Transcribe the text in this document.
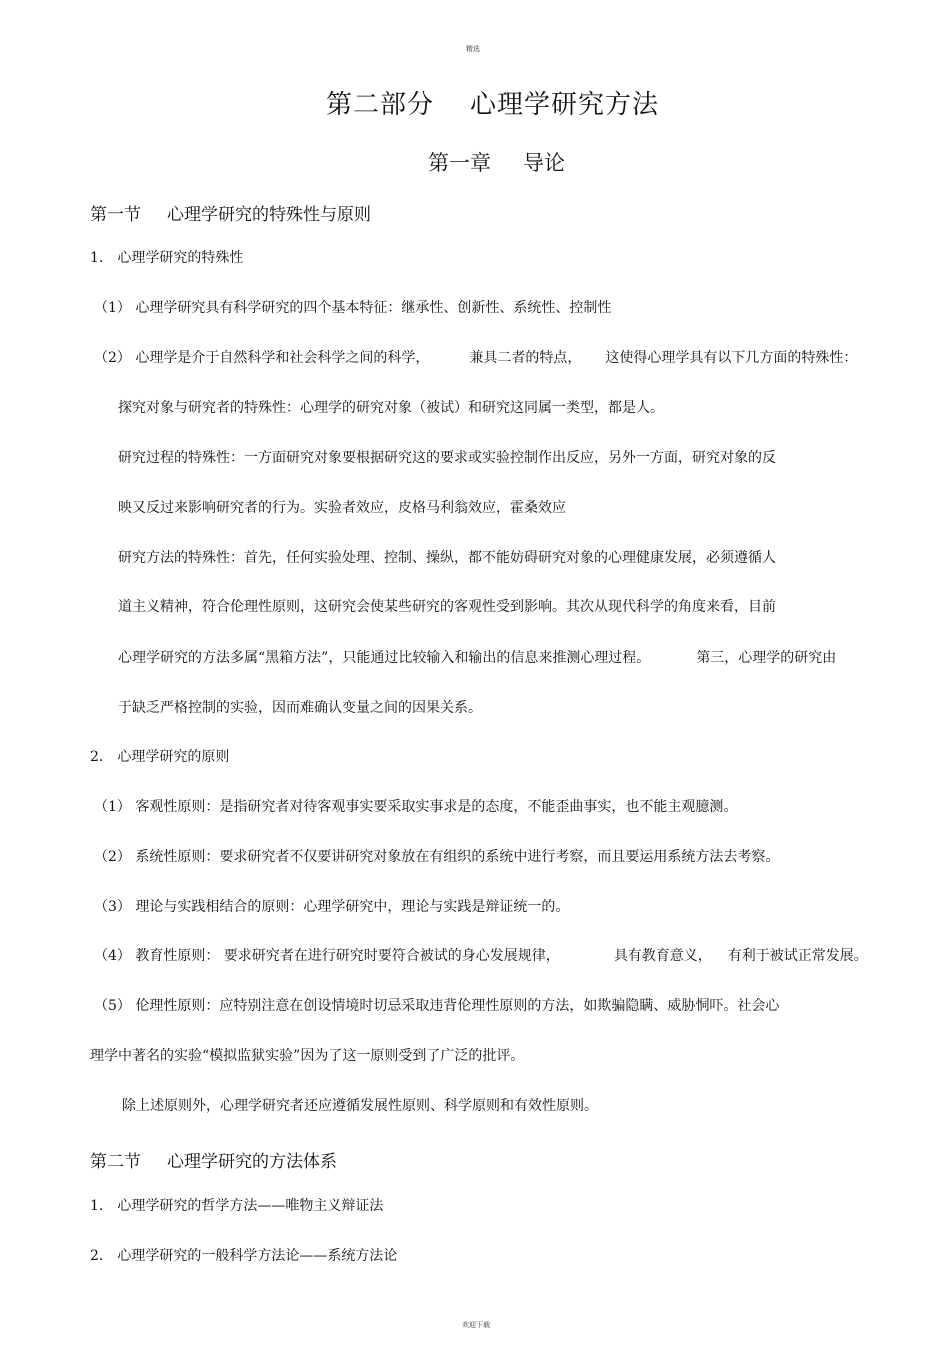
精选
第二部分 心理学研究方法
第一章 导论
第一节 心理学研究的特殊性与原则
1． 心理学研究的特殊性
（1） 心理学研究具有科学研究的四个基本特征：继承性、创新性、系统性、控制性
（2） 心理学是介于自然科学和社会科学之间的科学，	兼具二者的特点， 这使得心理学具有以下几方面的特殊性：
探究对象与研究者的特殊性：心理学的研究对象（被试）和研究这同属一类型，都是人。
研究过程的特殊性：一方面研究对象要根据研究这的要求或实验控制作出反应，另外一方面，研究对象的反
映又反过来影响研究者的行为。实验者效应，皮格马利翁效应，霍桑效应
研究方法的特殊性：首先，任何实验处理、控制、操纵，都不能妨碍研究对象的心理健康发展，必须遵循人
道主义精神，符合伦理性原则，这研究会使某些研究的客观性受到影响。其次从现代科学的角度来看，目前
心理学研究的方法多属“黑箱方法”，只能通过比较输入和输出的信息来推测心理过程。	第三，心理学的研究由
于缺乏严格控制的实验，因而难确认变量之间的因果关系。
2． 心理学研究的原则
（1） 客观性原则：是指研究者对待客观事实要采取实事求是的态度，不能歪曲事实，也不能主观臆测。
（2） 系统性原则：要求研究者不仅要讲研究对象放在有组织的系统中进行考察，而且要运用系统方法去考察。
（3） 理论与实践相结合的原则：心理学研究中，理论与实践是辩证统一的。
（4） 教育性原则： 要求研究者在进行研究时要符合被试的身心发展规律，	具有教育意义， 有利于被试正常发展。
（5） 伦理性原则：应特别注意在创设情境时切忌采取违背伦理性原则的方法，如欺骗隐瞒、威胁恫吓。社会心
理学中著名的实验“模拟监狱实验”因为了这一原则受到了广泛的批评。
除上述原则外，心理学研究者还应遵循发展性原则、科学原则和有效性原则。
第二节 心理学研究的方法体系
1． 心理学研究的哲学方法——唯物主义辩证法
2． 心理学研究的一般科学方法论——系统方法论
欢迎下载
